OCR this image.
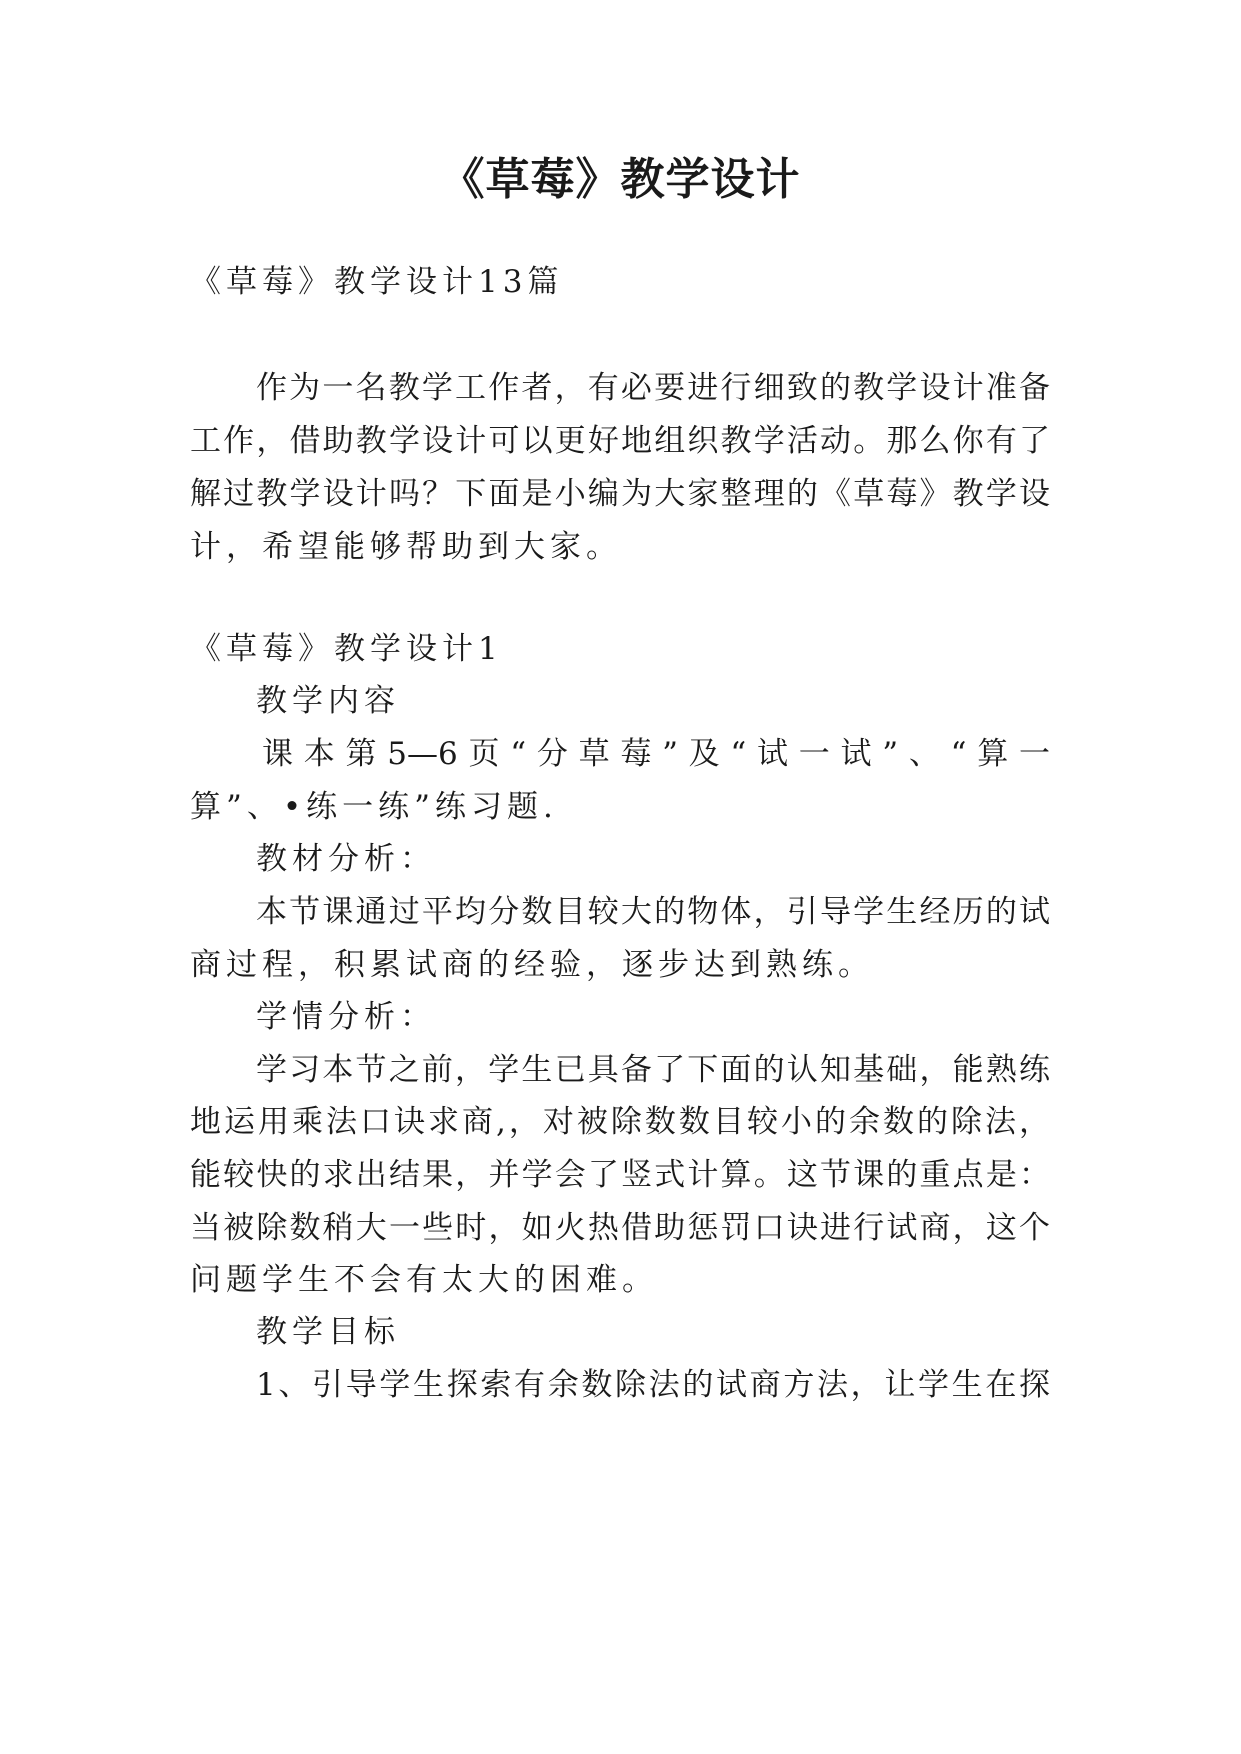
《草莓》教学设计

《草莓》教学设计13篇

作为一名教学工作者，有必要进行细致的教学设计准备

工作，借助教学设计可以更好地组织教学活动。那么你有了

解过教学设计吗？下面是小编为大家整理的《草莓》教学设

计，希望能够帮助到大家。

《草莓》教学设计1

教学内容

课本第5—6页“分草莓”及“试一试”、“算一

算”、•练一练”练习题.

教材分析：

本节课通过平均分数目较大的物体，引导学生经历的试

商过程，积累试商的经验，逐步达到熟练。

学情分析：

学习本节之前，学生已具备了下面的认知基础，能熟练

地运用乘法口诀求商,，对被除数数目较小的余数的除法，

能较快的求出结果，并学会了竖式计算。这节课的重点是：

当被除数稍大一些时，如火热借助惩罚口诀进行试商，这个

问题学生不会有太大的困难。

教学目标

1、引导学生探索有余数除法的试商方法，让学生在探
